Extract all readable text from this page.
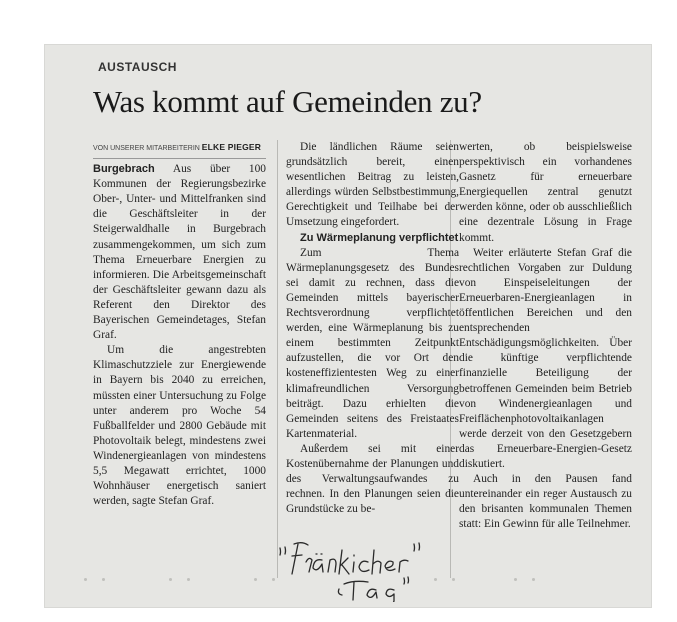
AUSTAUSCH
Was kommt auf Gemeinden zu?
VON UNSERER MITARBEITERIN ELKE PIEGER

Burgebrach Aus über 100 Kommunen der Regierungsbezirke Ober-, Unter- und Mittelfranken sind die Geschäftsleiter in der Steigerwaldhalle in Burgebrach zusammengekommen, um sich zum Thema Erneuerbare Energien zu informieren. Die Arbeitsgemeinschaft der Geschäftsleiter gewann dazu als Referent den Direktor des Bayerischen Gemeindetages, Stefan Graf.

Um die angestrebten Klimaschutzziele zur Energiewende in Bayern bis 2040 zu erreichen, müssten einer Untersuchung zu Folge unter anderem pro Woche 54 Fußballfelder und 2800 Gebäude mit Photovoltaik belegt, mindestens zwei Windenergieanlagen von mindestens 5,5 Megawatt errichtet, 1000 Wohnhäuser energetisch saniert werden, sagte Stefan Graf.

Die ländlichen Räume seien grundsätzlich bereit, einen wesentlichen Beitrag zu leisten, allerdings würden Selbstbestimmung, Gerechtigkeit und Teilhabe bei der Umsetzung eingefordert.

Zu Wärmeplanung verpflichtet

Zum Thema Wärmeplanungsgesetz des Bundes sei damit zu rechnen, dass die Gemeinden mittels bayerischer Rechtsverordnung verpflichtet werden, eine Wärmeplanung bis zu einem bestimmten Zeitpunkt aufzustellen, die vor Ort den kosteneffizientesten Weg zu einer klimafreundlichen Versorgung beiträgt. Dazu erhielten die Gemeinden seitens des Freistaates Kartenmaterial.

Außerdem sei mit einer Kostenübernahme der Planungen und des Verwaltungsaufwandes zu rechnen. In den Planungen seien die Grundstücke zu be-

werten, ob beispielsweise perspektivisch ein vorhandenes Gasnetz für erneuerbare Energiequellen zentral genutzt werden könne, oder ob ausschließlich eine dezentrale Lösung in Frage kommt.

Weiter erläuterte Stefan Graf die rechtlichen Vorgaben zur Duldung von Einspeiseleitungen der Erneuerbaren-Energieanlagen in öffentlichen Bereichen und den entsprechenden Entschädigungsmöglichkeiten. Über die künftige verpflichtende finanzielle Beteiligung der betroffenen Gemeinden beim Betrieb von Windenergieanlagen und Freiflächenphotovoltaikanlagen werde derzeit von den Gesetzgebern das Erneuerbare-Energien-Gesetz diskutiert.

Auch in den Pausen fand untereinander ein reger Austausch zu den brisanten kommunalen Themen statt: Ein Gewinn für alle Teilnehmer.
